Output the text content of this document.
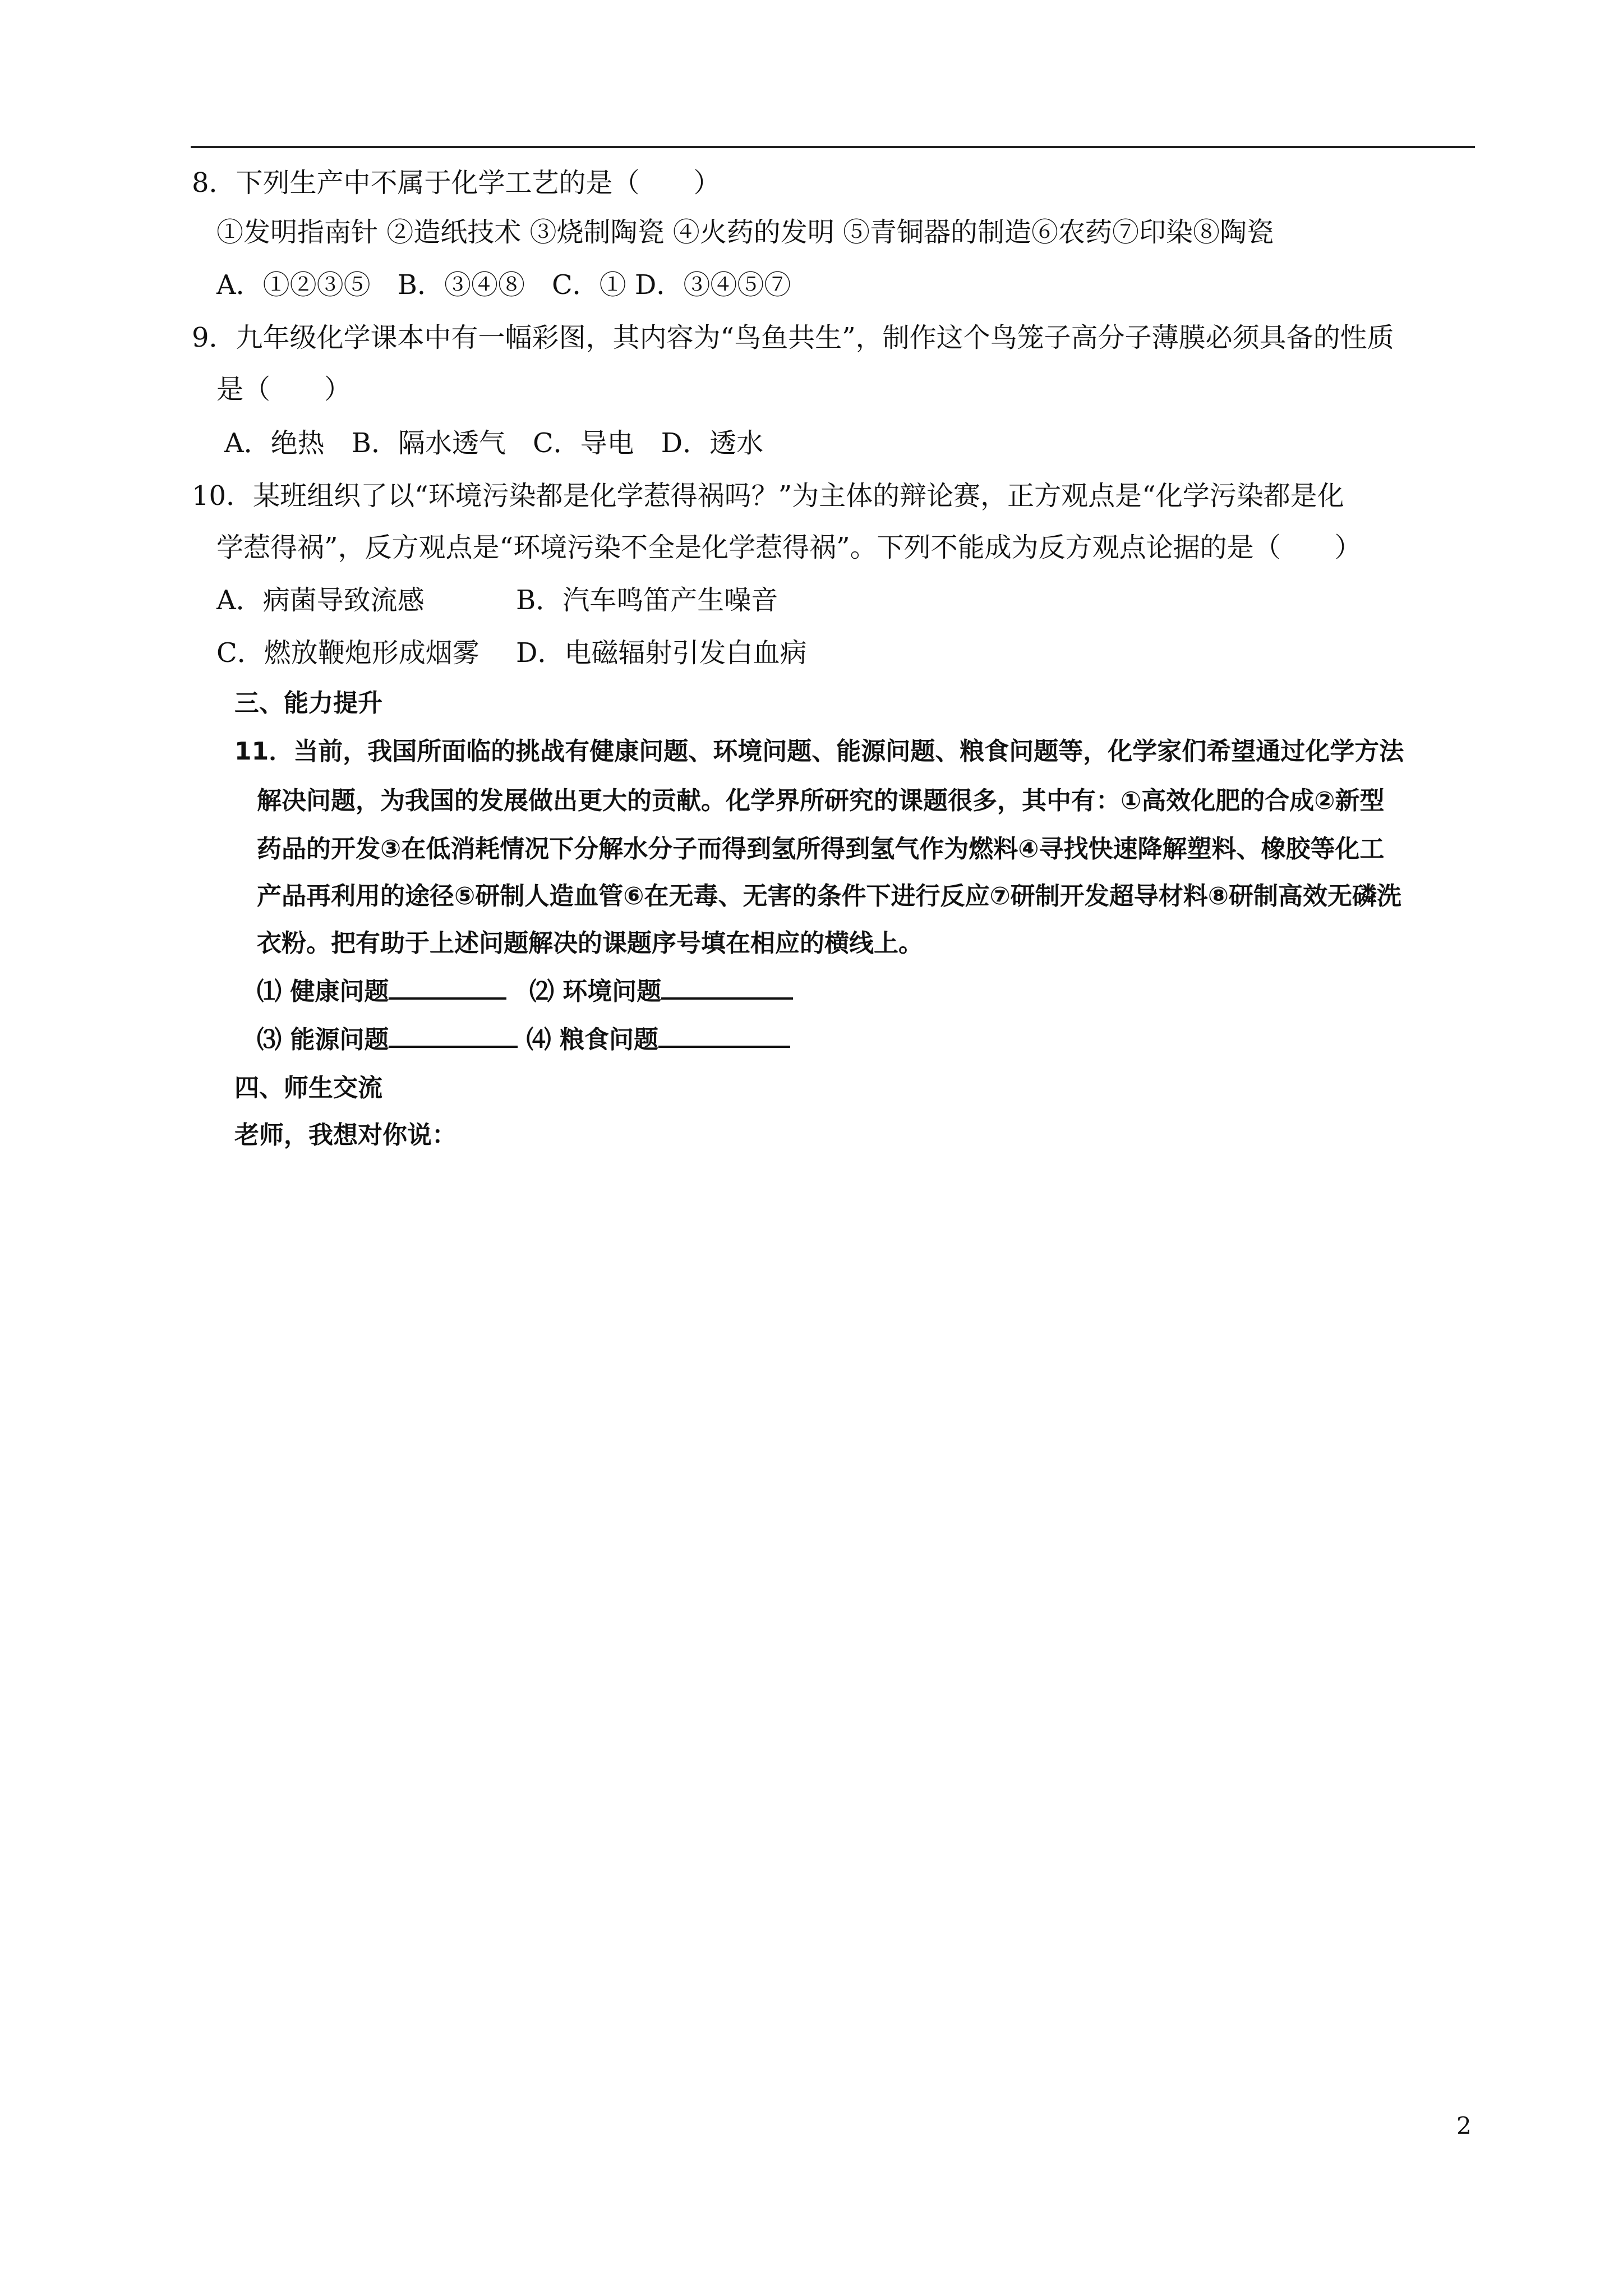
8．下列生产中不属于化学工艺的是（　　）
①发明指南针 ②造纸技术 ③烧制陶瓷 ④火药的发明 ⑤青铜器的制造⑥农药⑦印染⑧陶瓷
A．①②③⑤　B．③④⑧　C．① D．③④⑤⑦
9．九年级化学课本中有一幅彩图，其内容为“鸟鱼共生”，制作这个鸟笼子高分子薄膜必须具备的性质
是（　　）
A．绝热　B．隔水透气　C．导电　D．透水
10．某班组织了以“环境污染都是化学惹得祸吗？”为主体的辩论赛，正方观点是“化学污染都是化
学惹得祸”，反方观点是“环境污染不全是化学惹得祸”。下列不能成为反方观点论据的是（　　）
A．病菌导致流感	B．汽车鸣笛产生噪音
C．燃放鞭炮形成烟雾 D．电磁辐射引发白血病
三、能力提升
11．当前，我国所面临的挑战有健康问题、环境问题、能源问题、粮食问题等，化学家们希望通过化学方法
解决问题，为我国的发展做出更大的贡献。化学界所研究的课题很多，其中有：①高效化肥的合成②新型
药品的开发③在低消耗情况下分解水分子而得到氢所得到氢气作为燃料④寻找快速降解塑料、橡胶等化工
产品再利用的途径⑤研制人造血管⑥在无毒、无害的条件下进行反应⑦研制开发超导材料⑧研制高效无磷洗
衣粉。把有助于上述问题解决的课题序号填在相应的横线上。
⑴ 健康问题	⑵ 环境问题
⑶ 能源问题	⑷ 粮食问题
四、师生交流
老师，我想对你说：
2
